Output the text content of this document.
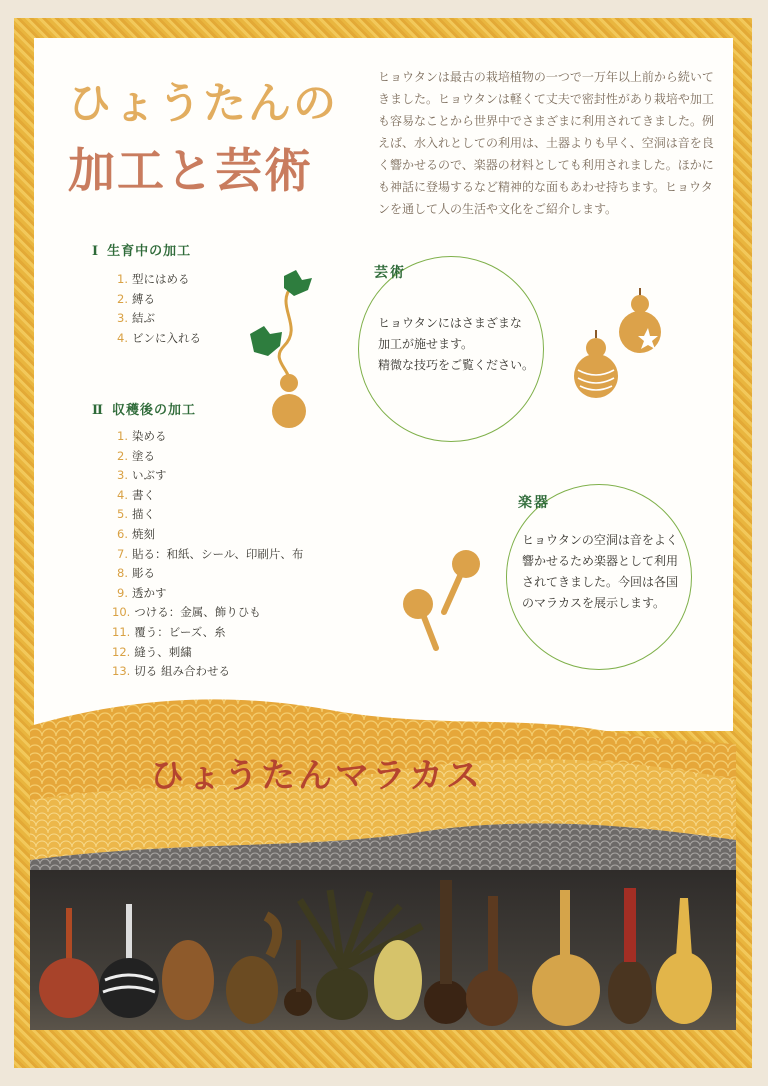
ひょうたんの
加工と芸術
ヒョウタンは最古の栽培植物の一つで一万年以上前から続いてきました。ヒョウタンは軽くて丈夫で密封性があり栽培や加工も容易なことから世界中でさまざまに利用されてきました。例えば、水入れとしての利用は、土器よりも早く、空洞は音を良く響かせるので、楽器の材料としても利用されました。ほかにも神話に登場するなど精神的な面もあわせ持ちます。ヒョウタンを通して人の生活や文化をご紹介します。
Ⅰ 生育中の加工
1. 型にはめる
2. 縛る
3. 結ぶ
4. ビンに入れる
Ⅱ 収穫後の加工
1. 染める
2. 塗る
3. いぶす
4. 書く
5. 描く
6. 焼刻
7. 貼る：和紙、シール、印刷片、布
8. 彫る
9. 透かす
10. つける：金属、飾りひも
11. 覆う：ビーズ、糸
12. 縫う、刺繍
13. 切る 組み合わせる
芸術
ヒョウタンにはさまざまな
加工が施せます。
精微な技巧をご覧ください。
楽器
ヒョウタンの空洞は音をよく
響かせるため楽器として利用
されてきました。今回は各国
のマラカスを展示します。
ひょうたんマラカス
